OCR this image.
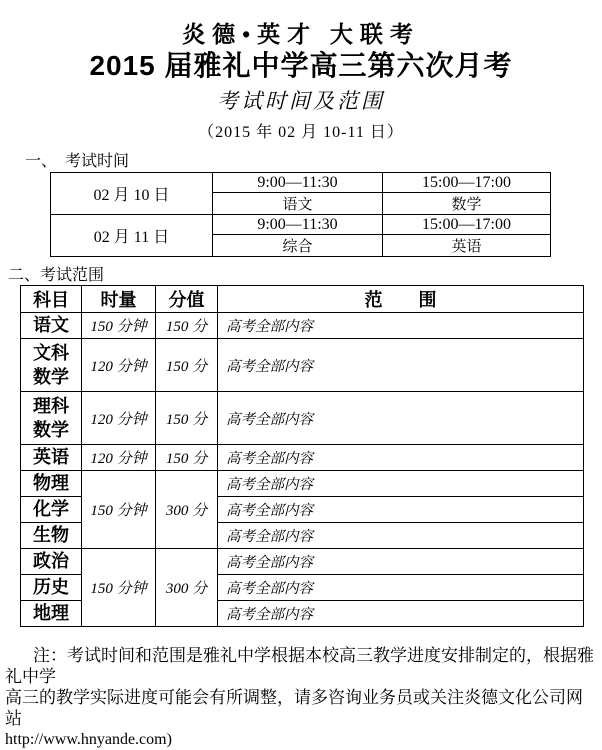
炎德•英才 大联考
2015 届雅礼中学高三第六次月考
考试时间及范围
（2015 年 02 月 10-11 日）
一、　考试时间
02 月 10 日	9:00—11:30	15:00—17:00
	语文	数学
02 月 11 日	9:00—11:30	15:00—17:00
	综合	英语
二、考试范围
科目	时量	分值	范　　围
语文	150 分钟	150 分	高考全部内容
文科数学	120 分钟	150 分	高考全部内容
理科数学	120 分钟	150 分	高考全部内容
英语	120 分钟	150 分	高考全部内容
物理	150 分钟	300 分	高考全部内容
化学			高考全部内容
生物			高考全部内容
政治	150 分钟	300 分	高考全部内容
历史			高考全部内容
地理			高考全部内容
注：考试时间和范围是雅礼中学根据本校高三教学进度安排制定的，根据雅礼中学
高三的教学实际进度可能会有所调整，请多咨询业务员或关注炎德文化公司网站
http://www.hnyande.com)
